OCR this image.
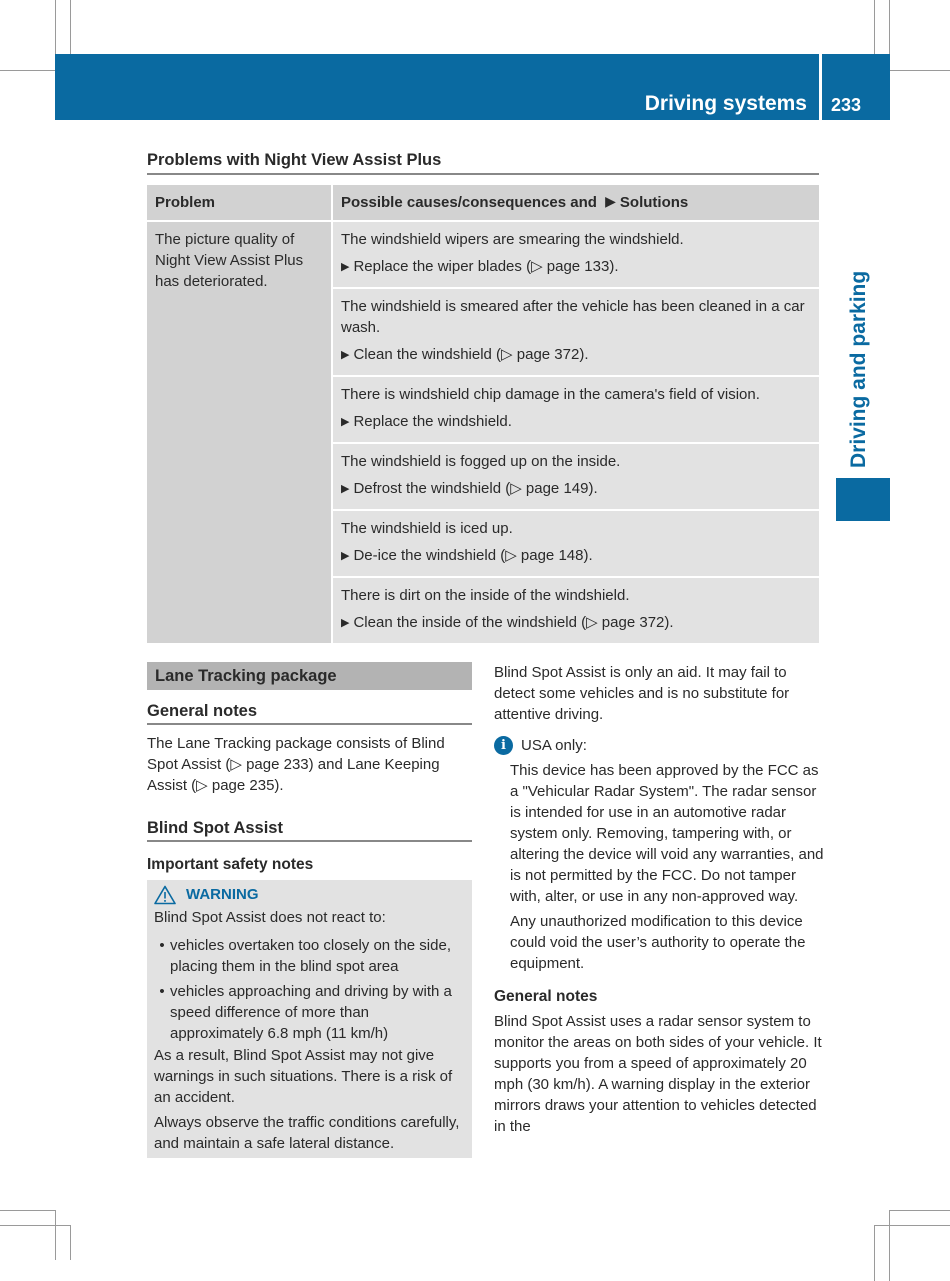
Driving systems 233
Driving and parking
Problems with Night View Assist Plus
Problem	Possible causes/consequences and ▶ Solutions
The picture quality of Night View Assist Plus has deteriorated.	The windshield wipers are smearing the windshield.

▶ Replace the wiper blades (▷ page 133).

	The windshield is smeared after the vehicle has been cleaned in a car wash.

▶ Clean the windshield (▷ page 372).

	There is windshield chip damage in the camera's field of vision.

▶ Replace the windshield.

	The windshield is fogged up on the inside.

▶ Defrost the windshield (▷ page 149).

	The windshield is iced up.

▶ De-ice the windshield (▷ page 148).

	There is dirt on the inside of the windshield.

▶ Clean the inside of the windshield (▷ page 372).

Lane Tracking package
General notes

The Lane Tracking package consists of Blind Spot Assist (▷ page 233) and Lane Keeping Assist (▷ page 235).

Blind Spot Assist
Important safety notes
WARNING

Blind Spot Assist does not react to:

• vehicles overtaken too closely on the side, placing them in the blind spot area
• vehicles approaching and driving by with a speed difference of more than approximately 6.8 mph (11 km/h)

As a result, Blind Spot Assist may not give warnings in such situations. There is a risk of an accident.

Always observe the traffic conditions carefully, and maintain a safe lateral distance.

Blind Spot Assist is only an aid. It may fail to detect some vehicles and is no substitute for attentive driving.

i	USA only:

This device has been approved by the FCC as a "Vehicular Radar System". The radar sensor is intended for use in an automotive radar system only. Removing, tampering with, or altering the device will void any warranties, and is not permitted by the FCC. Do not tamper with, alter, or use in any non-approved way.

Any unauthorized modification to this device could void the user’s authority to operate the equipment.

General notes

Blind Spot Assist uses a radar sensor system to monitor the areas on both sides of your vehicle. It supports you from a speed of approximately 20 mph (30 km/h). A warning display in the exterior mirrors draws your attention to vehicles detected in the
